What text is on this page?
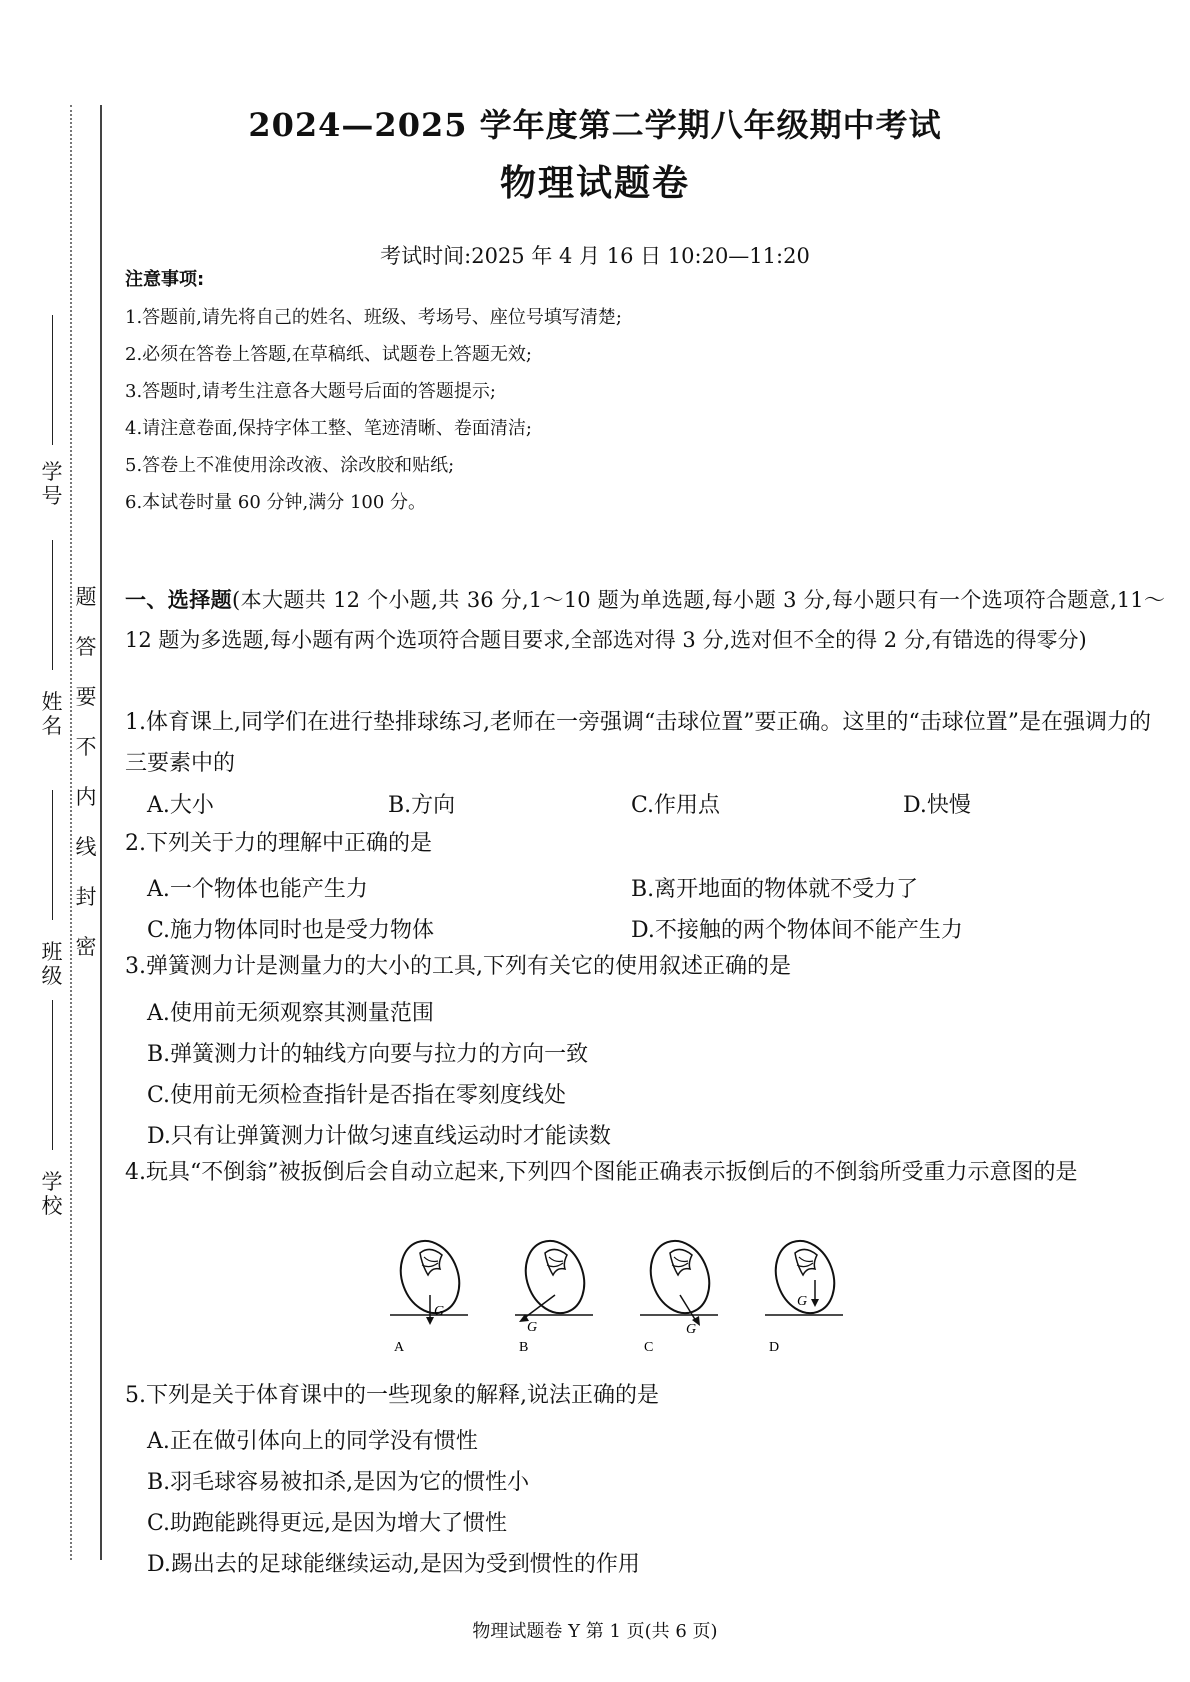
学 校
班 级
姓 名
学 号
密
封
线
内
不
要
答
题
2024—2025 学年度第二学期八年级期中考试
物理试题卷
考试时间:2025 年 4 月 16 日 10:20—11:20
注意事项:
1.答题前,请先将自己的姓名、班级、考场号、座位号填写清楚;
2.必须在答卷上答题,在草稿纸、试题卷上答题无效;
3.答题时,请考生注意各大题号后面的答题提示;
4.请注意卷面,保持字体工整、笔迹清晰、卷面清洁;
5.答卷上不准使用涂改液、涂改胶和贴纸;
6.本试卷时量 60 分钟,满分 100 分。
一、选择题(本大题共 12 个小题,共 36 分,1～10 题为单选题,每小题 3 分,每小题只有一个选项符合题意,11～12 题为多选题,每小题有两个选项符合题目要求,全部选对得 3 分,选对但不全的得 2 分,有错选的得零分)
1.体育课上,同学们在进行垫排球练习,老师在一旁强调“击球位置”要正确。这里的“击球位置”是在强调力的三要素中的
A.大小	B.方向	C.作用点	D.快慢
2.下列关于力的理解中正确的是
A.一个物体也能产生力	B.离开地面的物体就不受力了
C.施力物体同时也是受力物体	D.不接触的两个物体间不能产生力
3.弹簧测力计是测量力的大小的工具,下列有关它的使用叙述正确的是
A.使用前无须观察其测量范围
B.弹簧测力计的轴线方向要与拉力的方向一致
C.使用前无须检查指针是否指在零刻度线处
D.只有让弹簧测力计做匀速直线运动时才能读数
4.玩具“不倒翁”被扳倒后会自动立起来,下列四个图能正确表示扳倒后的不倒翁所受重力示意图的是
G
A
G
B
G
C
G
D
5.下列是关于体育课中的一些现象的解释,说法正确的是
A.正在做引体向上的同学没有惯性
B.羽毛球容易被扣杀,是因为它的惯性小
C.助跑能跳得更远,是因为增大了惯性
D.踢出去的足球能继续运动,是因为受到惯性的作用
物理试题卷 Y 第 1 页(共 6 页)
